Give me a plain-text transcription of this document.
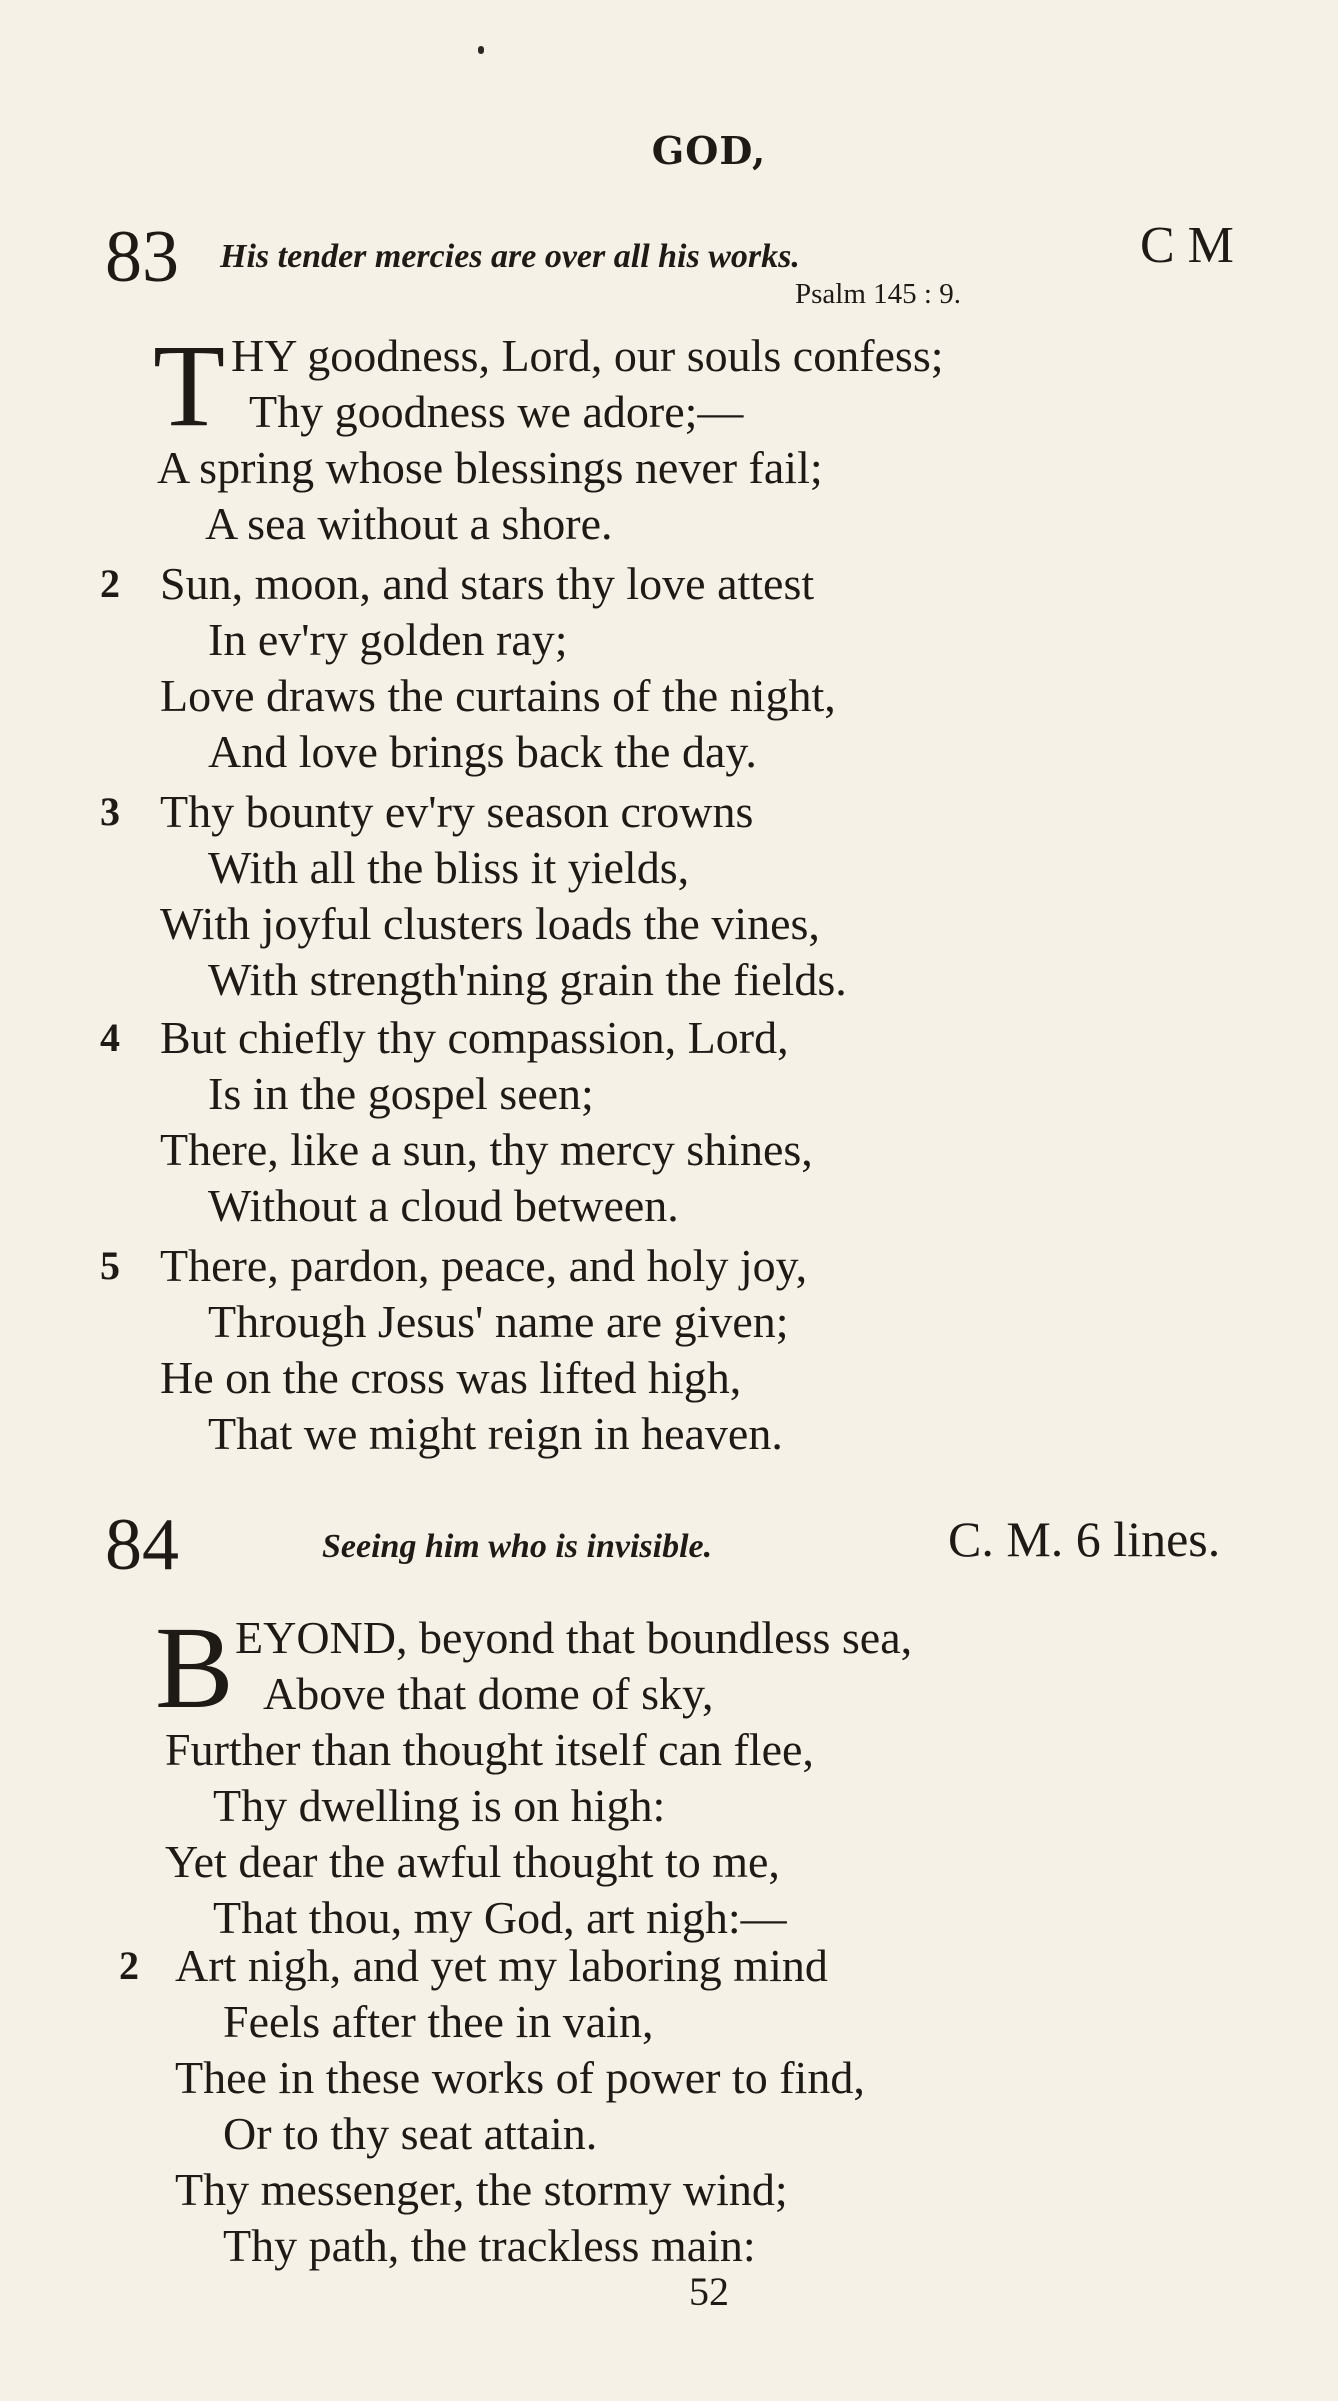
GOD,
83 His tender mercies are over all his works.	C M
Psalm 145 : 9.
T HY goodness, Lord, our souls confess;
Thy goodness we adore;—
A spring whose blessings never fail;
A sea without a shore.
2 Sun, moon, and stars thy love attest
In ev'ry golden ray;
Love draws the curtains of the night,
And love brings back the day.
3 Thy bounty ev'ry season crowns
With all the bliss it yields,
With joyful clusters loads the vines,
With strength'ning grain the fields.
4 But chiefly thy compassion, Lord,
Is in the gospel seen;
There, like a sun, thy mercy shines,
Without a cloud between.
5 There, pardon, peace, and holy joy,
Through Jesus' name are given;
He on the cross was lifted high,
That we might reign in heaven.
84	Seeing him who is invisible.	C. M. 6 lines.
B EYOND, beyond that boundless sea,
Above that dome of sky,
Further than thought itself can flee,
Thy dwelling is on high:
Yet dear the awful thought to me,
That thou, my God, art nigh:—
2 Art nigh, and yet my laboring mind
Feels after thee in vain,
Thee in these works of power to find,
Or to thy seat attain.
Thy messenger, the stormy wind;
Thy path, the trackless main:
52
